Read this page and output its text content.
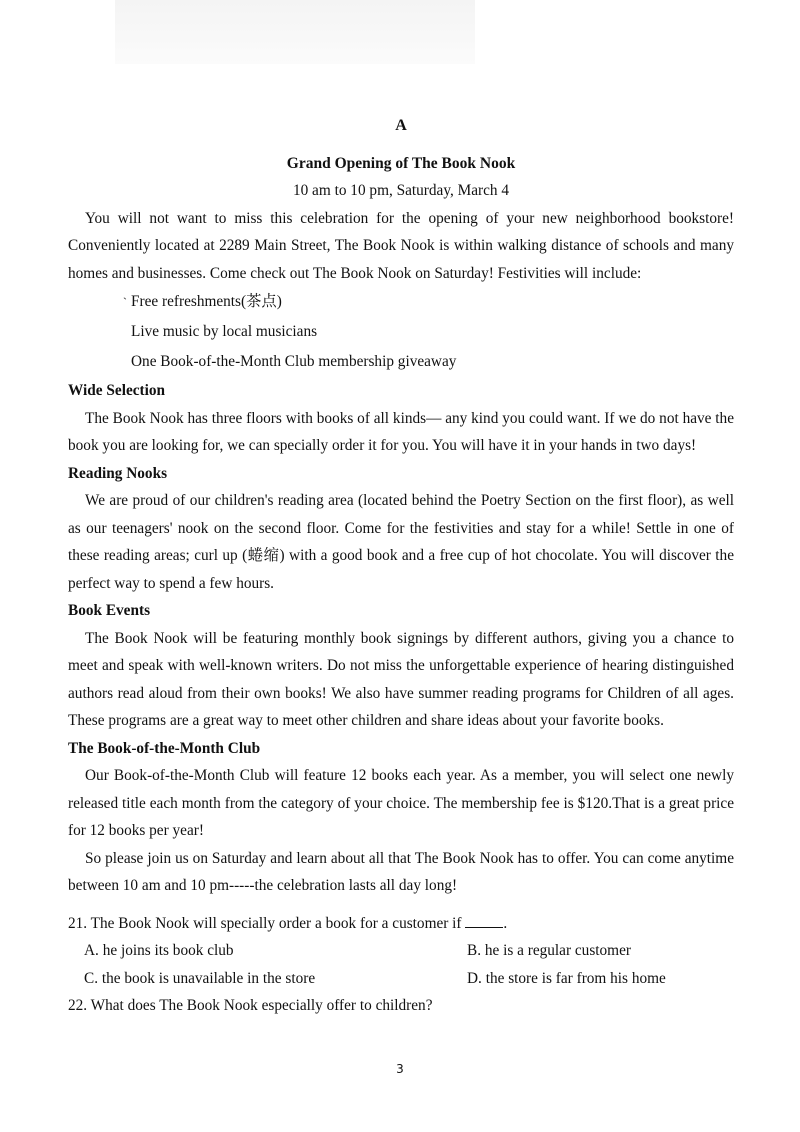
A
Grand Opening of The Book Nook
10 am to 10 pm, Saturday, March 4

You will not want to miss this celebration for the opening of your new neighborhood bookstore! Conveniently located at 2289 Main Street, The Book Nook is within walking distance of schools and many homes and businesses. Come check out The Book Nook on Saturday! Festivities will include:

ˋ Free refreshments(茶点)
Live music by local musicians
One Book-of-the-Month Club membership giveaway

Wide Selection

The Book Nook has three floors with books of all kinds— any kind you could want. If we do not have the book you are looking for, we can specially order it for you. You will have it in your hands in two days!

Reading Nooks

We are proud of our children's reading area (located behind the Poetry Section on the first floor), as well as our teenagers' nook on the second floor. Come for the festivities and stay for a while! Settle in one of these reading areas; curl up (蜷缩) with a good book and a free cup of hot chocolate. You will discover the perfect way to spend a few hours.

Book Events

The Book Nook will be featuring monthly book signings by different authors, giving you a chance to meet and speak with well-known writers. Do not miss the unforgettable experience of hearing distinguished authors read aloud from their own books! We also have summer reading programs for Children of all ages. These programs are a great way to meet other children and share ideas about your favorite books.

The Book-of-the-Month Club

Our Book-of-the-Month Club will feature 12 books each year. As a member, you will select one newly released title each month from the category of your choice. The membership fee is $120.That is a great price for 12 books per year!

So please join us on Saturday and learn about all that The Book Nook has to offer. You can come anytime between 10 am and 10 pm-----the celebration lasts all day long!

21. The Book Nook will specially order a book for a customer if	.
A. he joins its book club	B. he is a regular customer
C. the book is unavailable in the store	D. the store is far from his home
22. What does The Book Nook especially offer to children?
3
